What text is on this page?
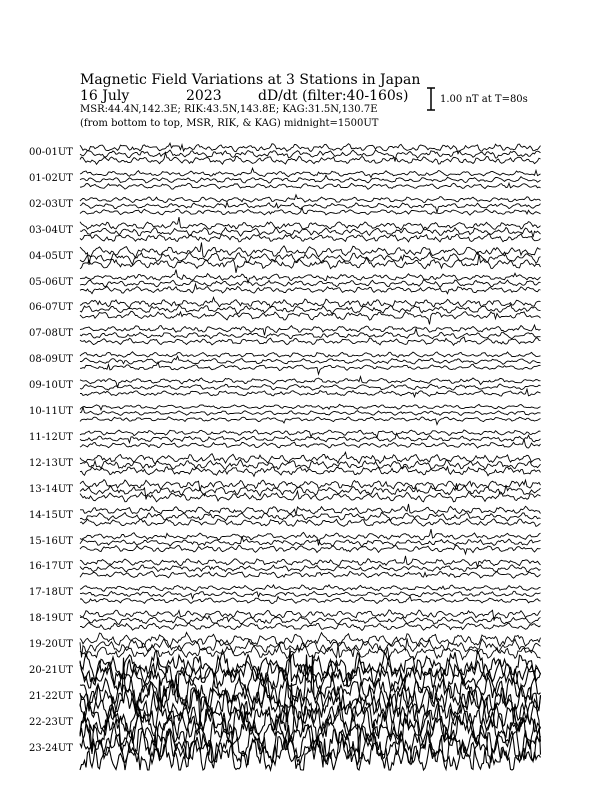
Magnetic Field Variations at 3 Stations in Japan
16 July	2023	dD/dt (filter:40-160s)
MSR:44.4N,142.3E; RIK:43.5N,143.8E; KAG:31.5N,130.7E
(from bottom to top, MSR, RIK, & KAG) midnight=1500UT
1.00 nT at T=80s
00-01UT
01-02UT
02-03UT
03-04UT
04-05UT
05-06UT
06-07UT
07-08UT
08-09UT
09-10UT
10-11UT
11-12UT
12-13UT
13-14UT
14-15UT
15-16UT
16-17UT
17-18UT
18-19UT
19-20UT
20-21UT
21-22UT
22-23UT
23-24UT
